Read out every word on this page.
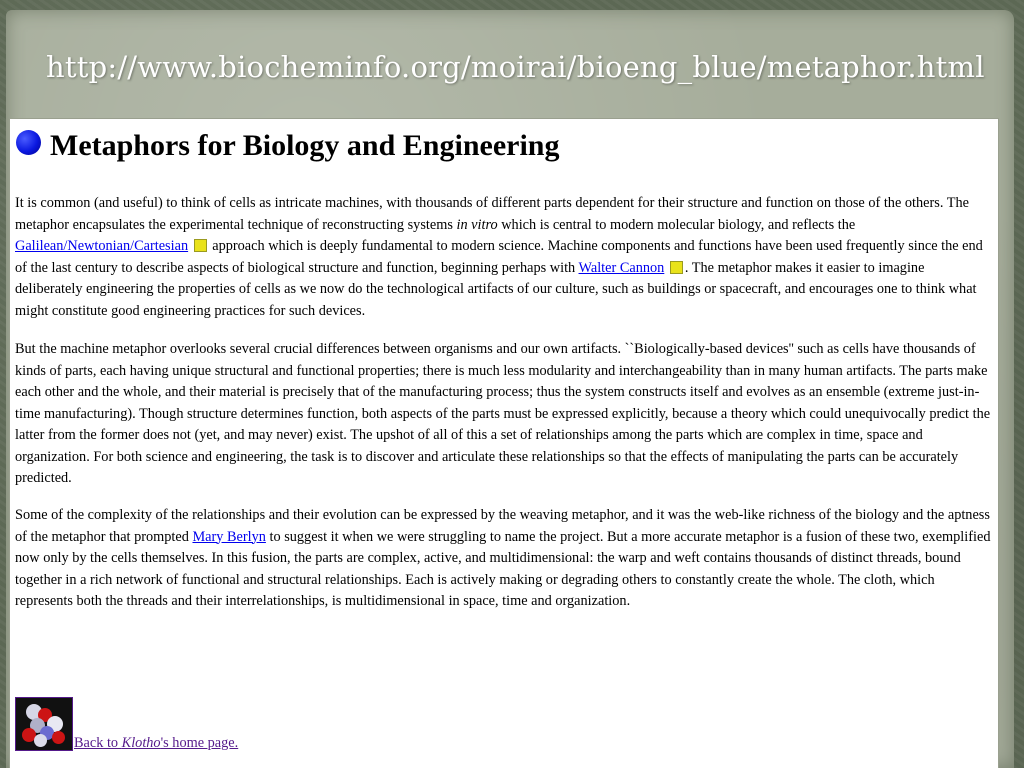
http://www.biocheminfo.org/moirai/bioeng_blue/metaphor.html
Metaphors for Biology and Engineering

It is common (and useful) to think of cells as intricate machines, with thousands of different parts dependent for their structure and function on those of the others. The metaphor encapsulates the experimental technique of reconstructing systems in vitro which is central to modern molecular biology, and reflects the Galilean/Newtonian/Cartesian  approach which is deeply fundamental to modern science. Machine components and functions have been used frequently since the end of the last century to describe aspects of biological structure and function, beginning perhaps with Walter Cannon . The metaphor makes it easier to imagine deliberately engineering the properties of cells as we now do the technological artifacts of our culture, such as buildings or spacecraft, and encourages one to think what might constitute good engineering practices for such devices.

But the machine metaphor overlooks several crucial differences between organisms and our own artifacts. ``Biologically-based devices'' such as cells have thousands of kinds of parts, each having unique structural and functional properties; there is much less modularity and interchangeability than in many human artifacts. The parts make each other and the whole, and their material is precisely that of the manufacturing process; thus the system constructs itself and evolves as an ensemble (extreme just-in-time manufacturing). Though structure determines function, both aspects of the parts must be expressed explicitly, because a theory which could unequivocally predict the latter from the former does not (yet, and may never) exist. The upshot of all of this a set of relationships among the parts which are complex in time, space and organization. For both science and engineering, the task is to discover and articulate these relationships so that the effects of manipulating the parts can be accurately predicted.

Some of the complexity of the relationships and their evolution can be expressed by the weaving metaphor, and it was the web-like richness of the biology and the aptness of the metaphor that prompted Mary Berlyn to suggest it when we were struggling to name the project. But a more accurate metaphor is a fusion of these two, exemplified now only by the cells themselves. In this fusion, the parts are complex, active, and multidimensional: the warp and weft contains thousands of distinct threads, bound together in a rich network of functional and structural relationships. Each is actively making or degrading others to constantly create the whole. The cloth, which represents both the threads and their interrelationships, is multidimensional in space, time and organization.

Back to Klotho's home page.
